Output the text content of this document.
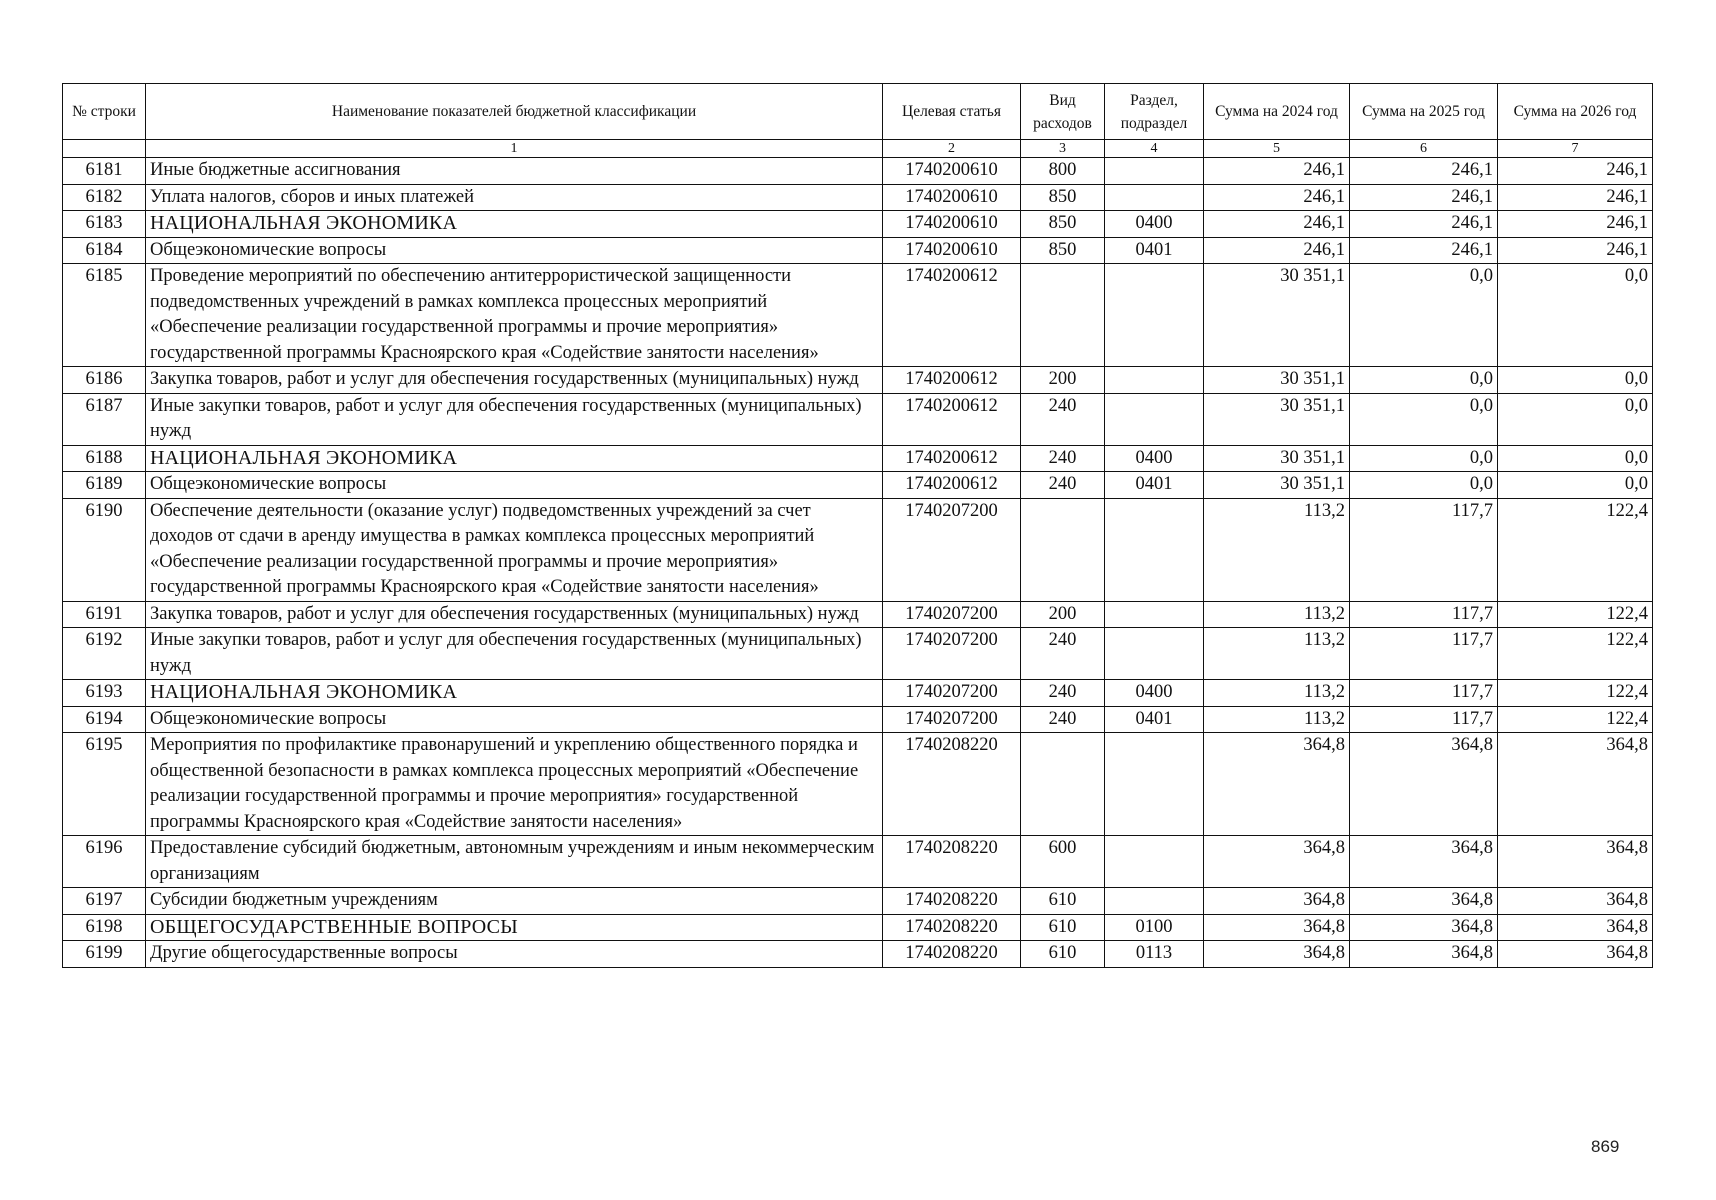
№ строки	Наименование показателей бюджетной классификации	Целевая статья	Вид расходов	Раздел, подраздел	Сумма на 2024 год	Сумма на 2025 год	Сумма на 2026 год
	1	2	3	4	5	6	7
6181	Иные бюджетные ассигнования	1740200610	800		246,1	246,1	246,1
6182	Уплата налогов, сборов и иных платежей	1740200610	850		246,1	246,1	246,1
6183	НАЦИОНАЛЬНАЯ ЭКОНОМИКА	1740200610	850	0400	246,1	246,1	246,1
6184	Общеэкономические вопросы	1740200610	850	0401	246,1	246,1	246,1
6185	Проведение мероприятий по обеспечению антитеррористической защищенности подведомственных учреждений в рамках комплекса процессных мероприятий «Обеспечение реализации государственной программы и прочие мероприятия» государственной программы Красноярского края «Содействие занятости населения»	1740200612			30 351,1	0,0	0,0
6186	Закупка товаров, работ и услуг для обеспечения государственных (муниципальных) нужд	1740200612	200		30 351,1	0,0	0,0
6187	Иные закупки товаров, работ и услуг для обеспечения государственных (муниципальных) нужд	1740200612	240		30 351,1	0,0	0,0
6188	НАЦИОНАЛЬНАЯ ЭКОНОМИКА	1740200612	240	0400	30 351,1	0,0	0,0
6189	Общеэкономические вопросы	1740200612	240	0401	30 351,1	0,0	0,0
6190	Обеспечение деятельности (оказание услуг) подведомственных учреждений за счет доходов от сдачи в аренду имущества в рамках комплекса процессных мероприятий «Обеспечение реализации государственной программы и прочие мероприятия» государственной программы Красноярского края «Содействие занятости населения»	1740207200			113,2	117,7	122,4
6191	Закупка товаров, работ и услуг для обеспечения государственных (муниципальных) нужд	1740207200	200		113,2	117,7	122,4
6192	Иные закупки товаров, работ и услуг для обеспечения государственных (муниципальных) нужд	1740207200	240		113,2	117,7	122,4
6193	НАЦИОНАЛЬНАЯ ЭКОНОМИКА	1740207200	240	0400	113,2	117,7	122,4
6194	Общеэкономические вопросы	1740207200	240	0401	113,2	117,7	122,4
6195	Мероприятия по профилактике правонарушений и укреплению общественного порядка и общественной безопасности в рамках комплекса процессных мероприятий «Обеспечение реализации государственной программы и прочие мероприятия» государственной программы Красноярского края «Содействие занятости населения»	1740208220			364,8	364,8	364,8
6196	Предоставление субсидий бюджетным, автономным учреждениям и иным некоммерческим организациям	1740208220	600		364,8	364,8	364,8
6197	Субсидии бюджетным учреждениям	1740208220	610		364,8	364,8	364,8
6198	ОБЩЕГОСУДАРСТВЕННЫЕ ВОПРОСЫ	1740208220	610	0100	364,8	364,8	364,8
6199	Другие общегосударственные вопросы	1740208220	610	0113	364,8	364,8	364,8
869
